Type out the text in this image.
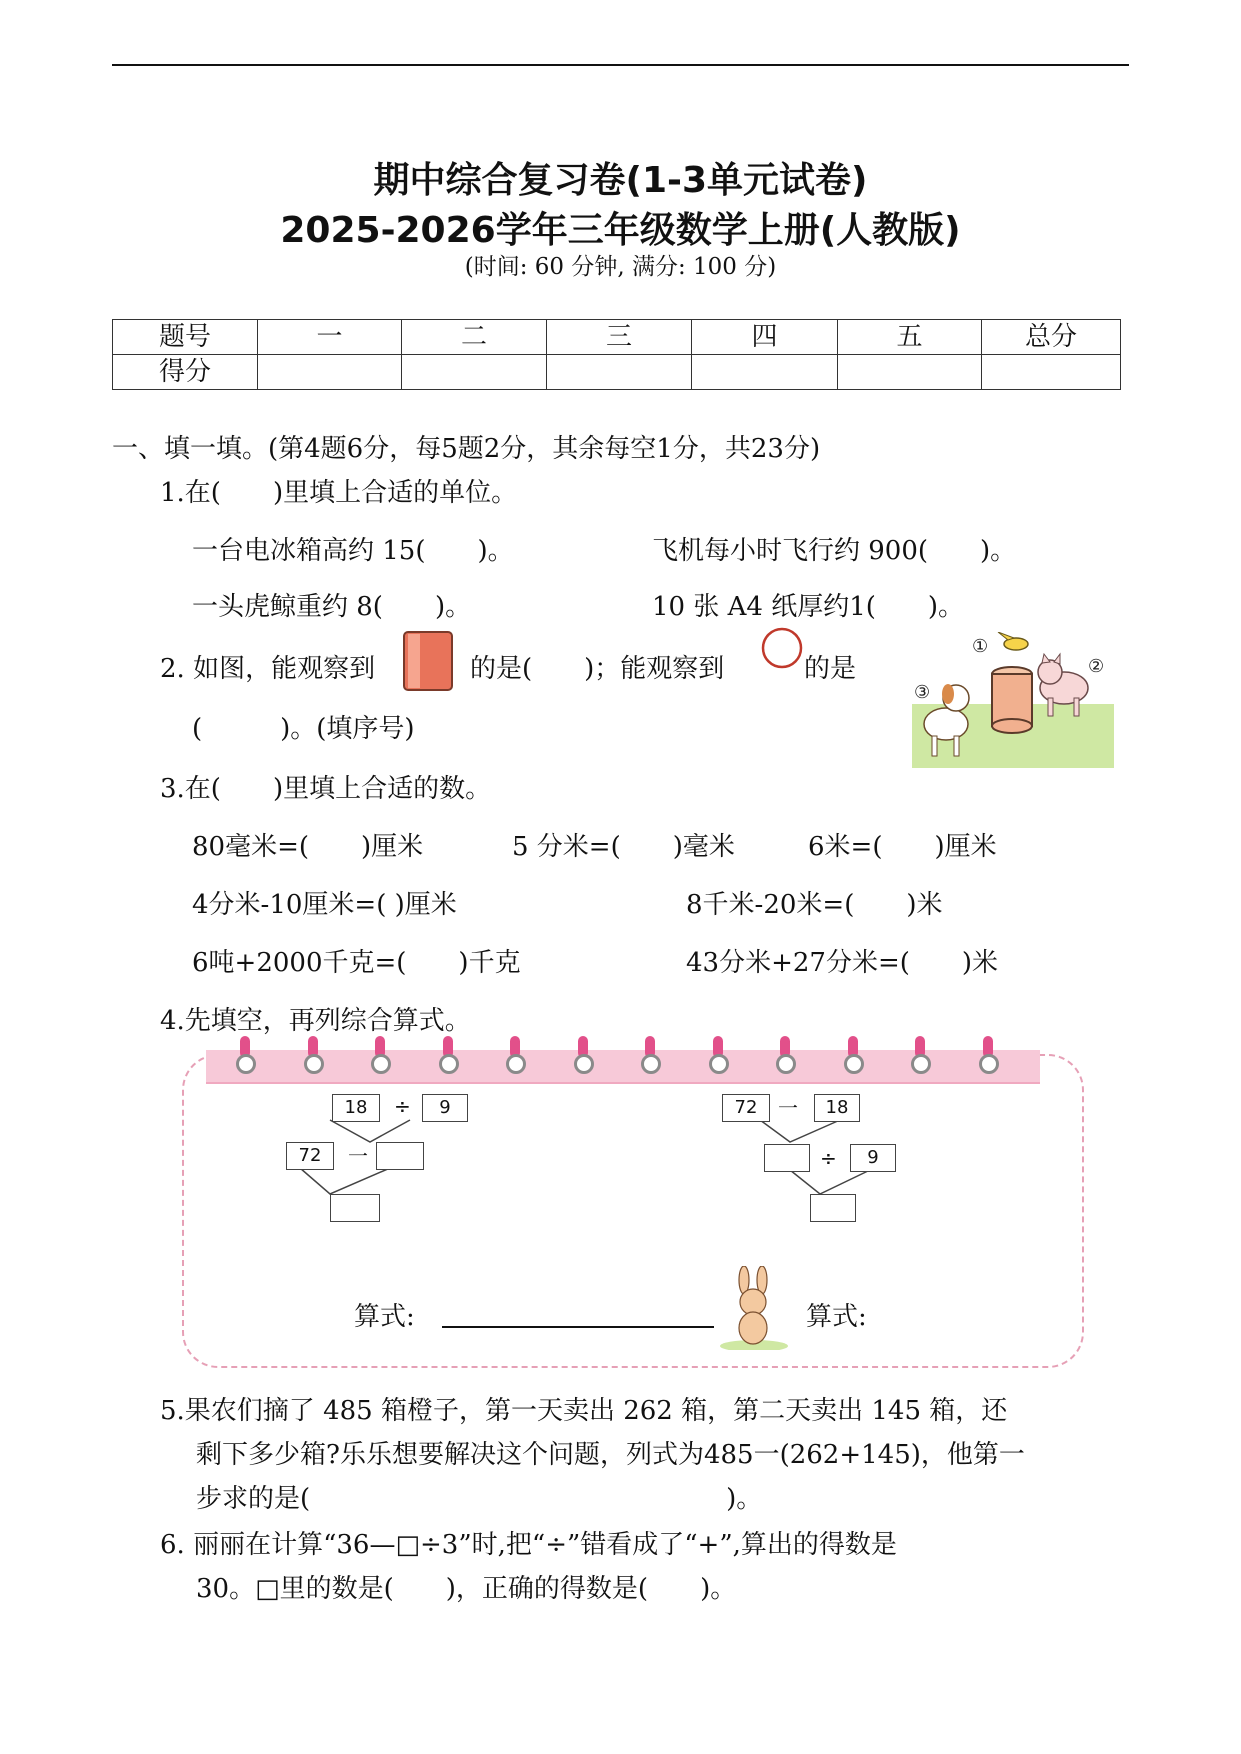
期中综合复习卷(1-3单元试卷)
2025-2026学年三年级数学上册(人教版)
(时间: 60 分钟, 满分: 100 分)
题号	一	二	三	四	五	总分
得分						
一、填一填。(第4题6分，每5题2分，其余每空1分，共23分)
1.在(　　)里填上合适的单位。
一台电冰箱高约 15(　　)。	飞机每小时飞行约 900(　　)。
一头虎鲸重约 8(　　)。	10 张 A4 纸厚约1(　　)。
2. 如图，能观察到	的是(　　)；能观察到	的是
(　　　)。(填序号)
①
②
③
3.在(　　)里填上合适的数。
80毫米=(　　)厘米	5 分米=(　　)毫米	6米=(　　)厘米
4分米-10厘米=( )厘米	8千米-20米=(　　)米
6吨+2000千克=(　　)千克	43分米+27分米=(　　)米
4.先填空，再列综合算式。
18	÷	9
72	一
72	一	18
÷	9
算式:	算式:
5.果农们摘了 485 箱橙子，第一天卖出 262 箱，第二天卖出 145 箱，还
剩下多少箱?乐乐想要解决这个问题，列式为485一(262+145)，他第一
步求的是(　　　　　　　　　　　　　　　　)。
6. 丽丽在计算“36—□÷3”时,把“÷”错看成了“+”,算出的得数是
30。□里的数是(　　)，正确的得数是(　　)。
